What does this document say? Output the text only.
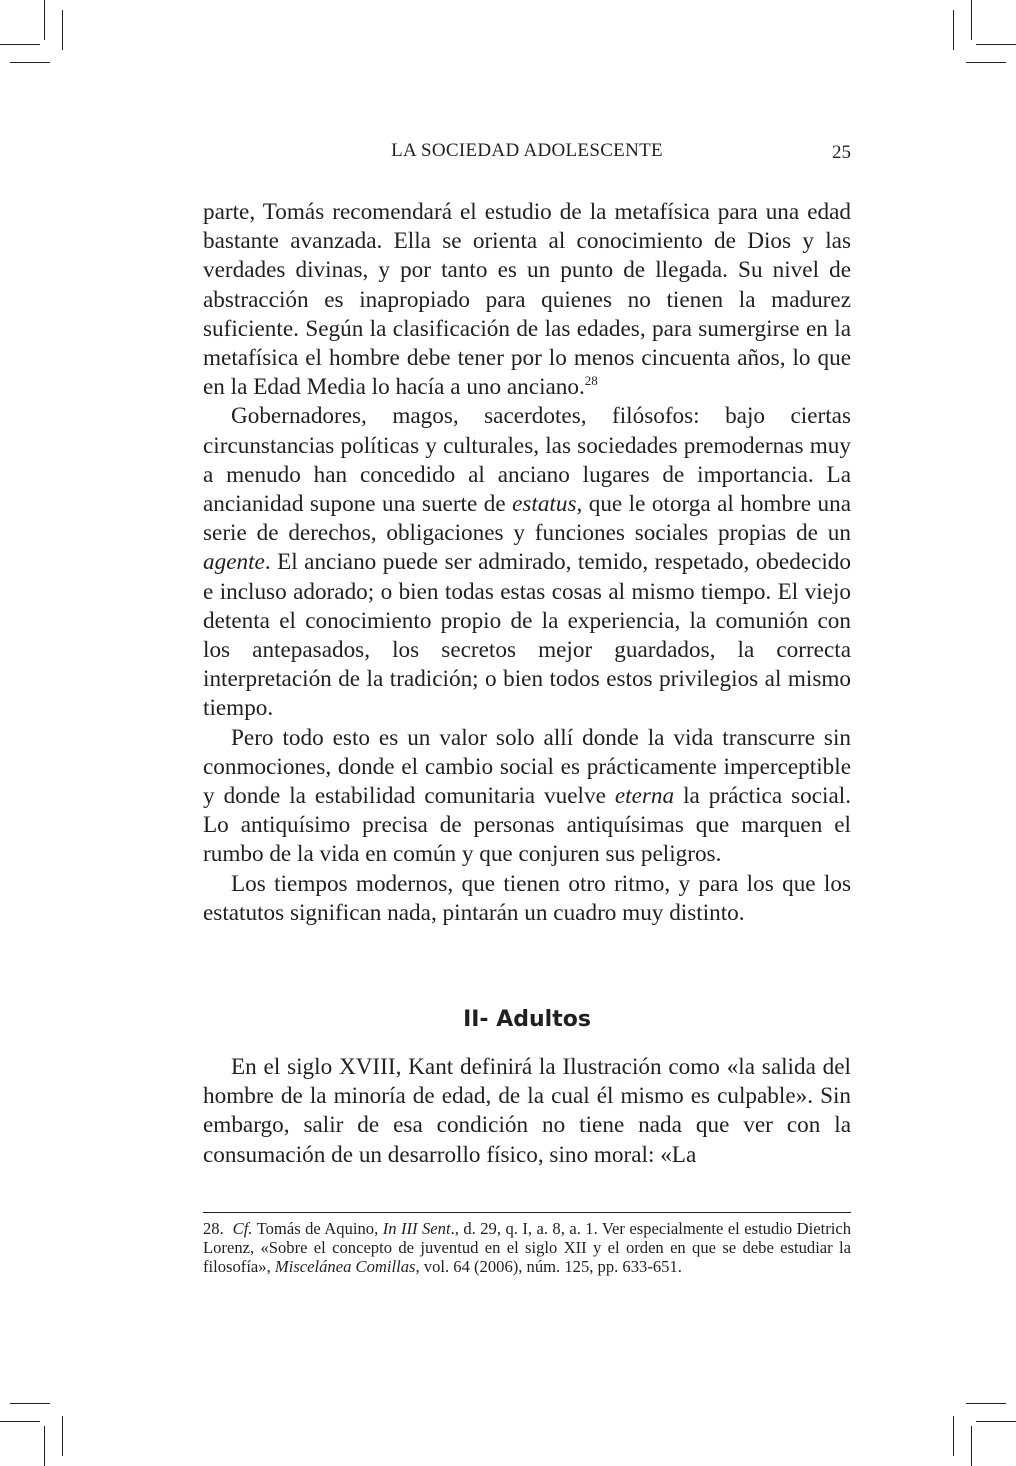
LA SOCIEDAD ADOLESCENTE	25

parte, Tomás recomendará el estudio de la metafísica para una edad bastante avanzada. Ella se orienta al conocimiento de Dios y las verdades divinas, y por tanto es un punto de llegada. Su nivel de abstracción es inapropiado para quienes no tienen la madurez suficiente. Según la clasificación de las edades, para sumergirse en la metafísica el hombre debe tener por lo menos cincuenta años, lo que en la Edad Media lo hacía a uno anciano.$^{28}$

Gobernadores, magos, sacerdotes, filósofos: bajo ciertas circunstancias políticas y culturales, las sociedades premodernas muy a menudo han concedido al anciano lugares de importancia. La ancianidad supone una suerte de estatus, que le otorga al hombre una serie de derechos, obligaciones y funciones sociales propias de un agente. El anciano puede ser admirado, temido, respetado, obedecido e incluso adorado; o bien todas estas cosas al mismo tiempo. El viejo detenta el conocimiento propio de la experiencia, la comunión con los antepasados, los secretos mejor guardados, la correcta interpretación de la tradición; o bien todos estos privilegios al mismo tiempo.

Pero todo esto es un valor solo allí donde la vida transcurre sin conmociones, donde el cambio social es prácticamente imperceptible y donde la estabilidad comunitaria vuelve eterna la práctica social. Lo antiquísimo precisa de personas antiquísimas que marquen el rumbo de la vida en común y que conjuren sus peligros.

Los tiempos modernos, que tienen otro ritmo, y para los que los estatutos significan nada, pintarán un cuadro muy distinto.

II- Adultos

En el siglo XVIII, Kant definirá la Ilustración como «la salida del hombre de la minoría de edad, de la cual él mismo es culpable». Sin embargo, salir de esa condición no tiene nada que ver con la consumación de un desarrollo físico, sino moral: «La

28. Cf. Tomás de Aquino, In III Sent., d. 29, q. I, a. 8, a. 1. Ver especialmente el estudio Dietrich Lorenz, «Sobre el concepto de juventud en el siglo XII y el orden en que se debe estudiar la filosofía», Miscelánea Comillas, vol. 64 (2006), núm. 125, pp. 633-651.
